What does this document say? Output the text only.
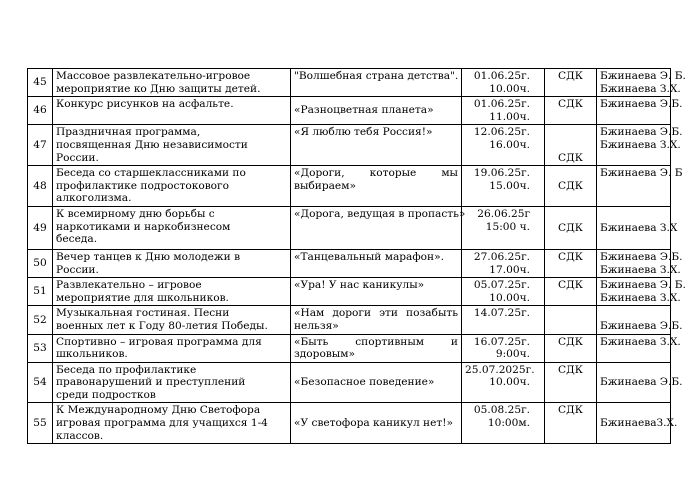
45	Массовое развлекательно-игровое
мероприятие ко Дню защиты детей.	"Волшебная страна детства".	01.06.25г.
10.00ч.	СДК	Бжинаева Э. Б.
Бжинаева З.Х.

46	Конкурс рисунков на асфальте.	«Разноцветная планета»	01.06.25г.
11.00ч.	СДК	Бжинаева Э.Б.

47	Праздничная программа,
посвященная Дню независимости
России.	«Я люблю тебя Россия!»	12.06.25г.
16.00ч.	СДК	Бжинаева Э.Б.
Бжинаева З.Х.

48	Беседа со старшеклассниками по
профилактике подростокового
алкоголизма.	«Дороги, которые мы
выбираем»	19.06.25г.
15.00ч.	СДК	Бжинаева Э. Б

49	К всемирному дню борьбы с
наркотиками и наркобизнесом
беседа.	«Дорога, ведущая в пропасть»	26.06.25г
15:00 ч.	СДК	Бжинаева З.Х

50	Вечер танцев к Дню молодежи в
России.	«Танцевальный марафон».	27.06.25г.
17.00ч.	СДК	Бжинаева Э.Б.
Бжинаева З.Х.

51	Развлекательно – игровое
мероприятие для школьников.	«Ура! У нас каникулы»	05.07.25г.
10.00ч.	СДК	Бжинаева Э. Б.
Бжинаева З.Х.

52	Музыкальная гостиная. Песни
военных лет к Году 80-летия Победы.	«Нам дороги эти позабыть
нельзя»	14.07.25г.		Бжинаева Э.Б.

53	Спортивно – игровая программа для
школьников.	«Быть спортивным и
здоровым»	16.07.25г.
9:00ч.	СДК	Бжинаева З.Х.

54	Беседа по профилактике
правонарушений и преступлений
среди подростков	«Безопасное поведение»	25.07.2025г.
10.00ч.	СДК	Бжинаева Э.Б.

55	К Международному Дню Светофора
игровая программа для учащихся 1-4
классов.	«У светофора каникул нет!»	05.08.25г.
10:00м.	СДК	БжинаеваЗ.Х.
